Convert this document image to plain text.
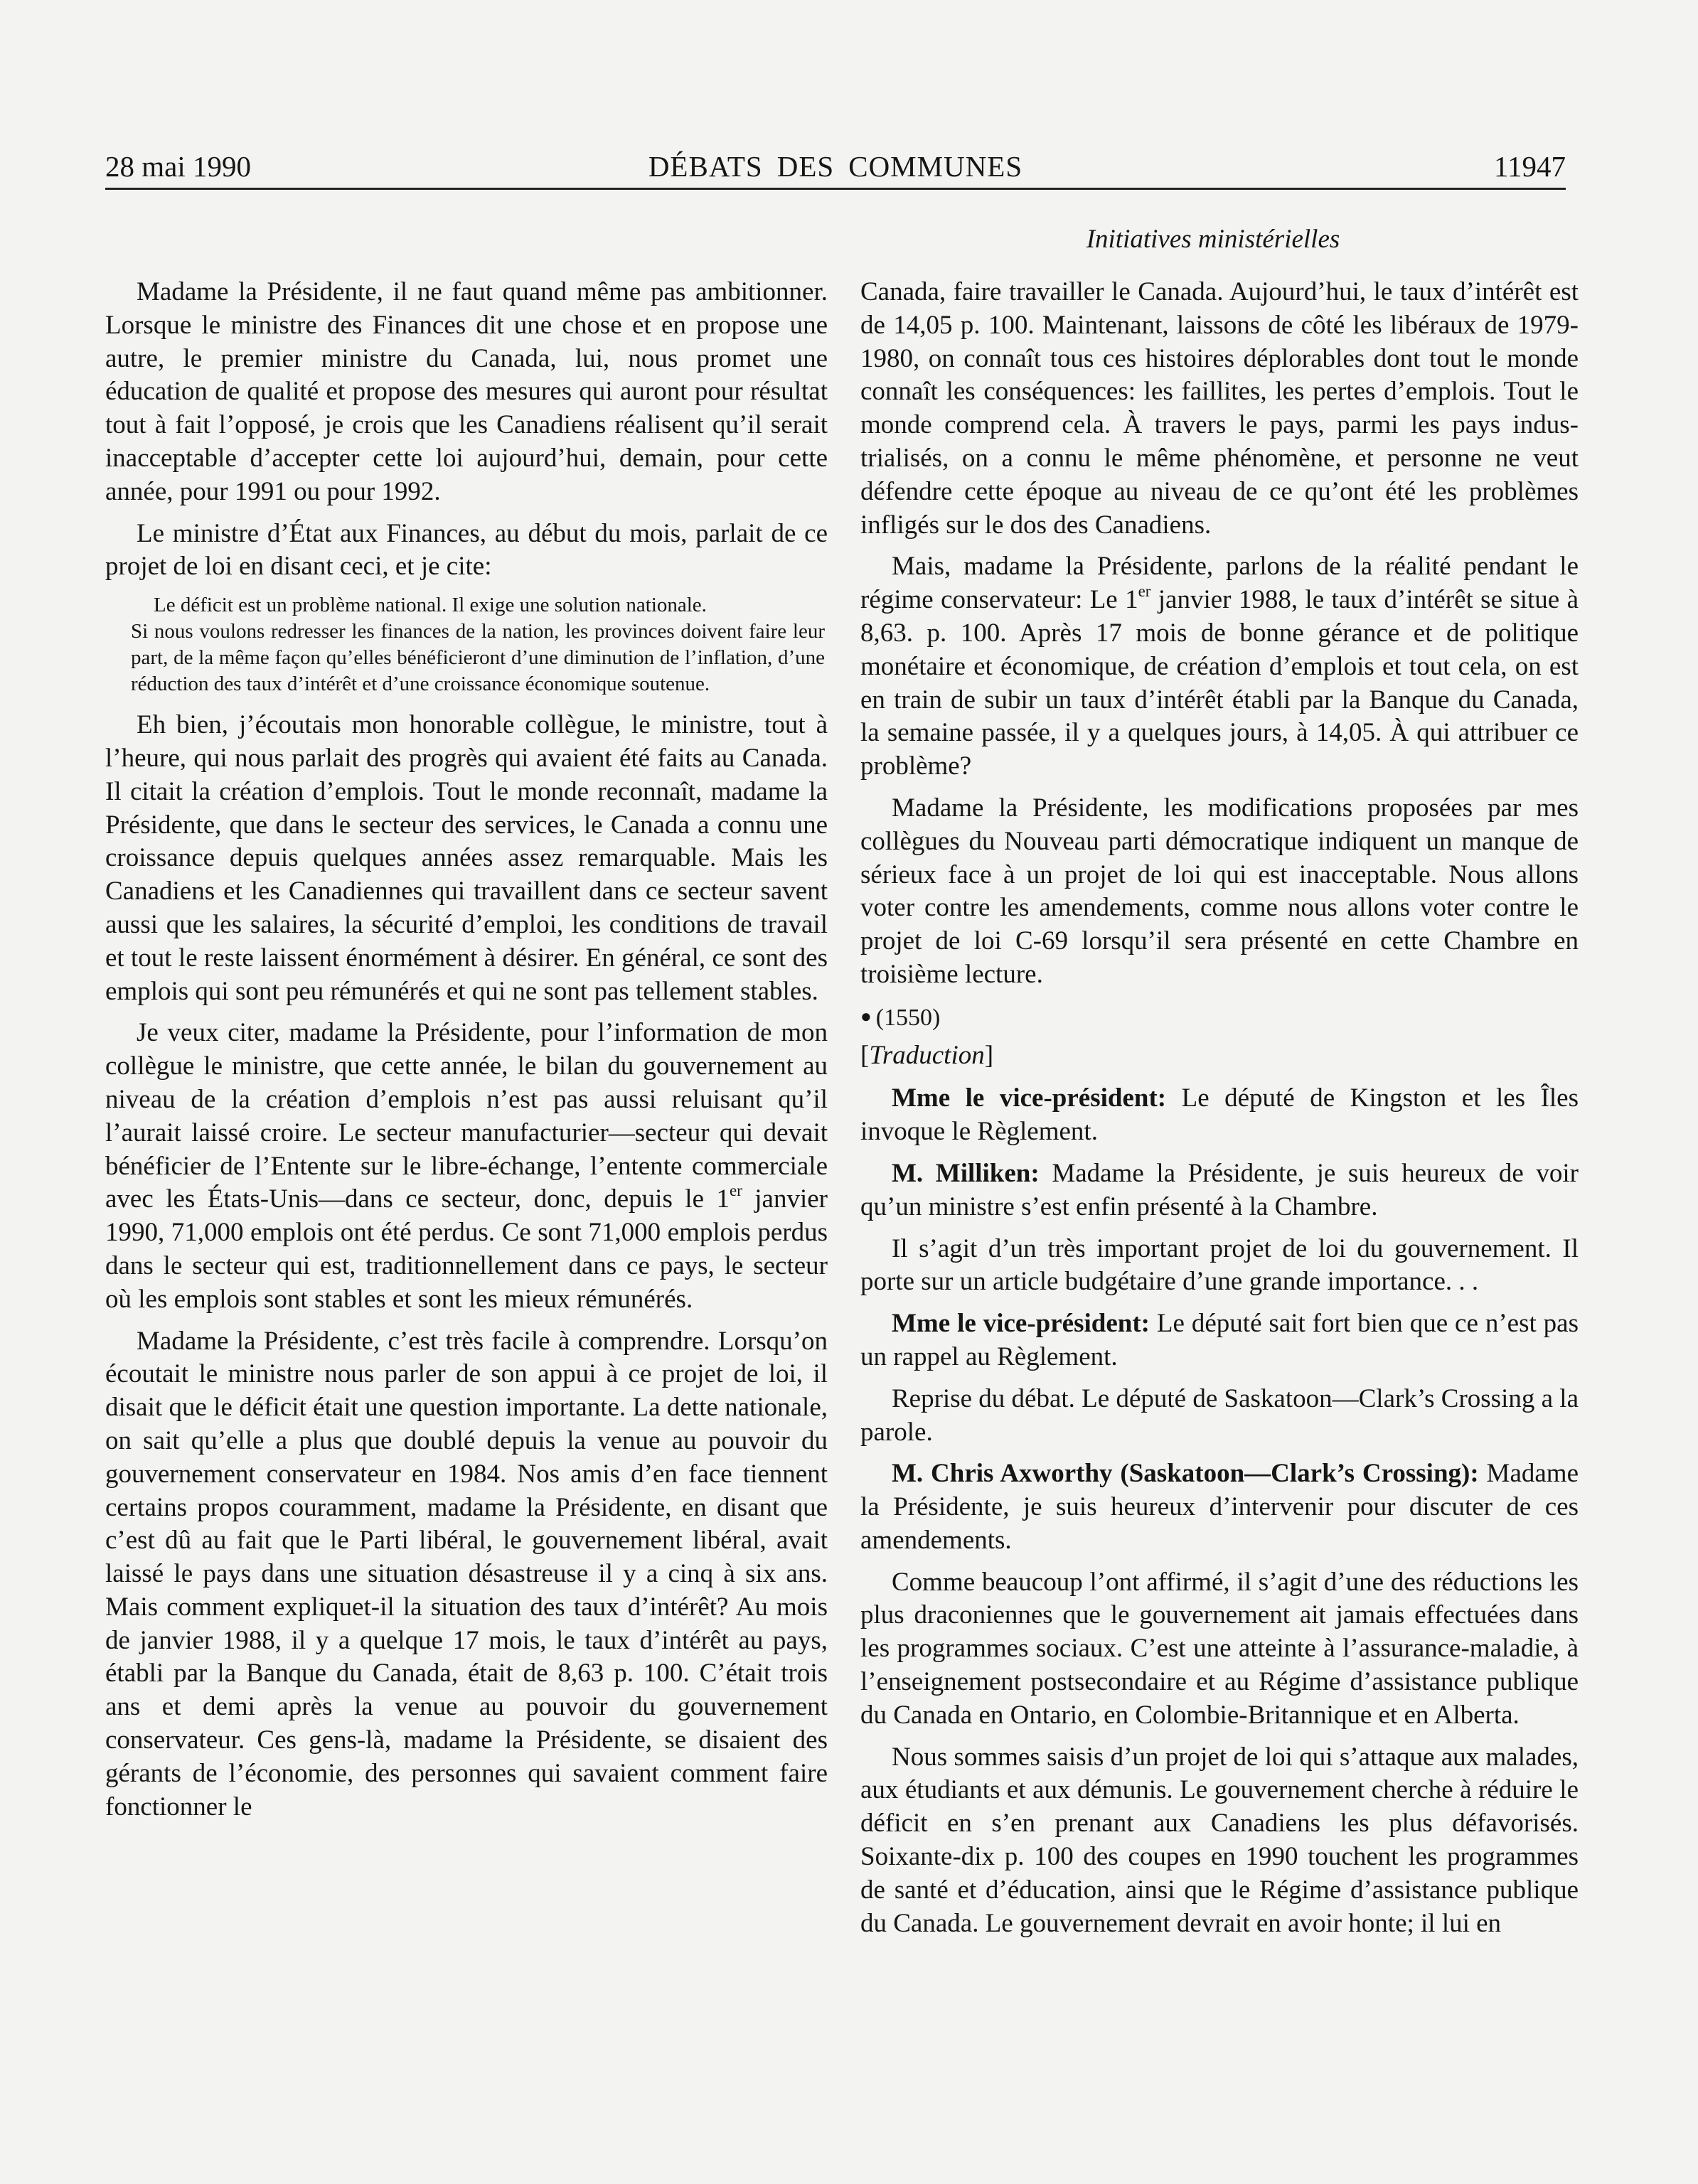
28 mai 1990	DÉBATS DES COMMUNES	11947
Initiatives ministérielles

Madame la Présidente, il ne faut quand même pas ambitionner. Lorsque le ministre des Finances dit une chose et en propose une autre, le premier ministre du Canada, lui, nous promet une éducation de qualité et propose des mesures qui auront pour résultat tout à fait l’opposé, je crois que les Canadiens réalisent qu’il serait inacceptable d’accepter cette loi aujourd’hui, demain, pour cette année, pour 1991 ou pour 1992.

Le ministre d’État aux Finances, au début du mois, parlait de ce projet de loi en disant ceci, et je cite:

Le déficit est un problème national. Il exige une solution nationale.
Si nous voulons redresser les finances de la nation, les provinces doivent faire leur part, de la même façon qu’elles bénéficieront d’une diminution de l’inflation, d’une réduction des taux d’intérêt et d’une croissance économique soutenue.

Eh bien, j’écoutais mon honorable collègue, le ministre, tout à l’heure, qui nous parlait des progrès qui avaient été faits au Canada. Il citait la création d’emplois. Tout le monde reconnaît, madame la Présidente, que dans le secteur des services, le Canada a connu une croissance depuis quelques années assez remarquable. Mais les Canadiens et les Canadiennes qui travaillent dans ce secteur savent aussi que les salaires, la sécurité d’emploi, les conditions de travail et tout le reste laissent énormément à désirer. En général, ce sont des emplois qui sont peu rémunérés et qui ne sont pas tellement stables.

Je veux citer, madame la Présidente, pour l’information de mon collègue le ministre, que cette année, le bilan du gouvernement au niveau de la création d’emplois n’est pas aussi reluisant qu’il l’aurait laissé croire. Le secteur manufacturier—secteur qui devait bénéficier de l’Entente sur le libre-échange, l’entente commerciale avec les États-Unis—dans ce secteur, donc, depuis le 1er janvier 1990, 71,000 emplois ont été perdus. Ce sont 71,000 emplois perdus dans le secteur qui est, traditionnellement dans ce pays, le secteur où les emplois sont stables et sont les mieux rémunérés.

Madame la Présidente, c’est très facile à comprendre. Lorsqu’on écoutait le ministre nous parler de son appui à ce projet de loi, il disait que le déficit était une question importante. La dette nationale, on sait qu’elle a plus que doublé depuis la venue au pouvoir du gouvernement conservateur en 1984. Nos amis d’en face tiennent certains propos couramment, madame la Présidente, en disant que c’est dû au fait que le Parti libéral, le gouvernement libéral, avait laissé le pays dans une situation désastreuse il y a cinq à six ans. Mais comment expliquet-il la situation des taux d’intérêt? Au mois de janvier 1988, il y a quelque 17 mois, le taux d’intérêt au pays, établi par la Banque du Canada, était de 8,63 p. 100. C’était trois ans et demi après la venue au pouvoir du gouvernement conservateur. Ces gens-là, madame la Présidente, se disaient des gérants de l’économie, des personnes qui savaient comment faire fonctionner le

Canada, faire travailler le Canada. Aujourd’hui, le taux d’intérêt est de 14,05 p. 100. Maintenant, laissons de côté les libéraux de 1979-1980, on connaît tous ces histoires déplorables dont tout le monde connaît les conséquences: les faillites, les pertes d’emplois. Tout le monde comprend cela. À travers le pays, parmi les pays industrialisés, on a connu le même phénomène, et personne ne veut défendre cette époque au niveau de ce qu’ont été les problèmes infligés sur le dos des Canadiens.

Mais, madame la Présidente, parlons de la réalité pendant le régime conservateur: Le 1er janvier 1988, le taux d’intérêt se situe à 8,63. p. 100. Après 17 mois de bonne gérance et de politique monétaire et économique, de création d’emplois et tout cela, on est en train de subir un taux d’intérêt établi par la Banque du Canada, la semaine passée, il y a quelques jours, à 14,05. À qui attribuer ce problème?

Madame la Présidente, les modifications proposées par mes collègues du Nouveau parti démocratique indiquent un manque de sérieux face à un projet de loi qui est inacceptable. Nous allons voter contre les amendements, comme nous allons voter contre le projet de loi C-69 lorsqu’il sera présenté en cette Chambre en troisième lecture.

● (1550)

[Traduction]

Mme le vice-président: Le député de Kingston et les Îles invoque le Règlement.

M. Milliken: Madame la Présidente, je suis heureux de voir qu’un ministre s’est enfin présenté à la Chambre.

Il s’agit d’un très important projet de loi du gouvernement. Il porte sur un article budgétaire d’une grande importance. . .

Mme le vice-président: Le député sait fort bien que ce n’est pas un rappel au Règlement.

Reprise du débat. Le député de Saskatoon—Clark’s Crossing a la parole.

M. Chris Axworthy (Saskatoon—Clark’s Crossing): Madame la Présidente, je suis heureux d’intervenir pour discuter de ces amendements.

Comme beaucoup l’ont affirmé, il s’agit d’une des réductions les plus draconiennes que le gouvernement ait jamais effectuées dans les programmes sociaux. C’est une atteinte à l’assurance-maladie, à l’enseignement postsecondaire et au Régime d’assistance publique du Canada en Ontario, en Colombie-Britannique et en Alberta.

Nous sommes saisis d’un projet de loi qui s’attaque aux malades, aux étudiants et aux démunis. Le gouvernement cherche à réduire le déficit en s’en prenant aux Canadiens les plus défavorisés. Soixante-dix p. 100 des coupes en 1990 touchent les programmes de santé et d’éducation, ainsi que le Régime d’assistance publique du Canada. Le gouvernement devrait en avoir honte; il lui en
